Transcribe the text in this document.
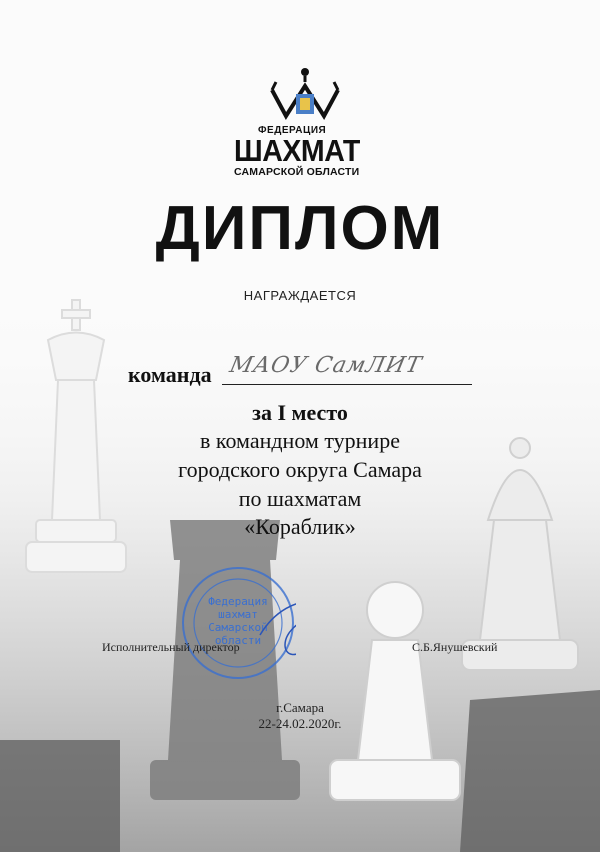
ФЕДЕРАЦИЯ
ШАХМАТ
САМАРСКОЙ ОБЛАСТИ
ДИПЛОМ
НАГРАЖДАЕТСЯ
команда МАОУ СамЛИТ
за I место
в командном турнире
городского округа Самара
по шахматам
«Кораблик»
Федерация
шахмат
Самарской
области
Исполнительный директор	С.Б.Янушевский
г.Самара
22-24.02.2020г.
